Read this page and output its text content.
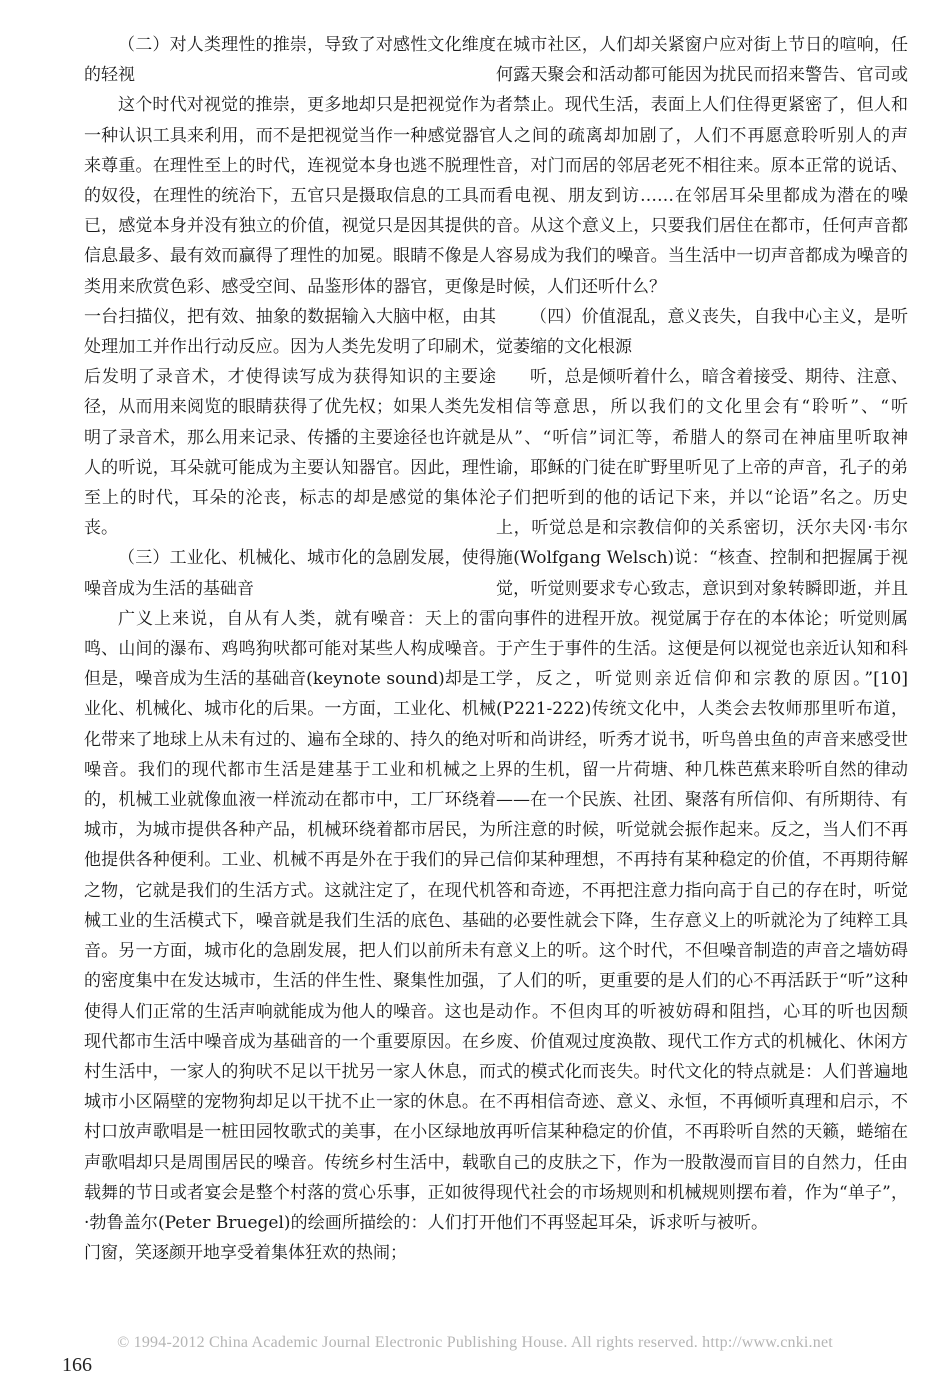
（二）对人类理性的推崇，导致了对感性文化维度的轻视

这个时代对视觉的推崇，更多地却只是把视觉作为一种认识工具来利用，而不是把视觉当作一种感觉器官来尊重。在理性至上的时代，连视觉本身也逃不脱理性的奴役，在理性的统治下，五官只是摄取信息的工具而已，感觉本身并没有独立的价值，视觉只是因其提供的信息最多、最有效而赢得了理性的加冕。眼睛不像是人类用来欣赏色彩、感受空间、品鉴形体的器官，更像是一台扫描仪，把有效、抽象的数据输入大脑中枢，由其处理加工并作出行动反应。因为人类先发明了印刷术，后发明了录音术，才使得读写成为获得知识的主要途径，从而用来阅览的眼睛获得了优先权；如果人类先发明了录音术，那么用来记录、传播的主要途径也许就是人的听说，耳朵就可能成为主要认知器官。因此，理性至上的时代，耳朵的沦丧，标志的却是感觉的集体沦丧。

（三）工业化、机械化、城市化的急剧发展，使得噪音成为生活的基础音

广义上来说，自从有人类，就有噪音：天上的雷鸣、山间的瀑布、鸡鸣狗吠都可能对某些人构成噪音。但是，噪音成为生活的基础音(keynote sound)却是工业化、机械化、城市化的后果。一方面，工业化、机械化带来了地球上从未有过的、遍布全球的、持久的绝对噪音。我们的现代都市生活是建基于工业和机械之上的，机械工业就像血液一样流动在都市中，工厂环绕着城市，为城市提供各种产品，机械环绕着都市居民，为他提供各种便利。工业、机械不再是外在于我们的异己之物，它就是我们的生活方式。这就注定了，在现代机械工业的生活模式下，噪音就是我们生活的底色、基础音。另一方面，城市化的急剧发展，把人们以前所未有的密度集中在发达城市，生活的伴生性、聚集性加强，使得人们正常的生活声响就能成为他人的噪音。这也是现代都市生活中噪音成为基础音的一个重要原因。在乡村生活中，一家人的狗吠不足以干扰另一家人休息，而城市小区隔壁的宠物狗却足以干扰不止一家的休息。在村口放声歌唱是一桩田园牧歌式的美事，在小区绿地放声歌唱却只是周围居民的噪音。传统乡村生活中，载歌载舞的节日或者宴会是整个村落的赏心乐事，正如彼得·勃鲁盖尔(Peter Bruegel)的绘画所描绘的：人们打开门窗，笑逐颜开地享受着集体狂欢的热闹；

在城市社区，人们却关紧窗户应对街上节日的喧响，任何露天聚会和活动都可能因为扰民而招来警告、官司或者禁止。现代生活，表面上人们住得更紧密了，但人和人之间的疏离却加剧了，人们不再愿意聆听别人的声音，对门而居的邻居老死不相往来。原本正常的说话、看电视、朋友到访……在邻居耳朵里都成为潜在的噪音。从这个意义上，只要我们居住在都市，任何声音都容易成为我们的噪音。当生活中一切声音都成为噪音的时候，人们还听什么？

（四）价值混乱，意义丧失，自我中心主义，是听觉萎缩的文化根源

听，总是倾听着什么，暗含着接受、期待、注意、相信等意思，所以我们的文化里会有“聆听”、“听从”、“听信”词汇等，希腊人的祭司在神庙里听取神谕，耶稣的门徒在旷野里听见了上帝的声音，孔子的弟子们把听到的他的话记下来，并以“论语”名之。历史上，听觉总是和宗教信仰的关系密切，沃尔夫冈·韦尔施(Wolfgang Welsch)说：“核查、控制和把握属于视觉，听觉则要求专心致志，意识到对象转瞬即逝，并且向事件的进程开放。视觉属于存在的本体论；听觉则属于产生于事件的生活。这便是何以视觉也亲近认知和科学，反之，听觉则亲近信仰和宗教的原因。”[10](P221-222)传统文化中，人类会去牧师那里听布道，听和尚讲经，听秀才说书，听鸟兽虫鱼的声音来感受世界的生机，留一片荷塘、种几株芭蕉来聆听自然的律动——在一个民族、社团、聚落有所信仰、有所期待、有所注意的时候，听觉就会振作起来。反之，当人们不再信仰某种理想，不再持有某种稳定的价值，不再期待解答和奇迹，不再把注意力指向高于自己的存在时，听觉的必要性就会下降，生存意义上的听就沦为了纯粹工具意义上的听。这个时代，不但噪音制造的声音之墙妨碍了人们的听，更重要的是人们的心不再活跃于“听”这种动作。不但肉耳的听被妨碍和阻挡，心耳的听也因颓废、价值观过度涣散、现代工作方式的机械化、休闲方式的模式化而丧失。时代文化的特点就是：人们普遍地不再相信奇迹、意义、永恒，不再倾听真理和启示，不再听信某种稳定的价值，不再聆听自然的天籁，蜷缩在自己的皮肤之下，作为一股散漫而盲目的自然力，任由现代社会的市场规则和机械规则摆布着，作为“单子”，他们不再竖起耳朵，诉求听与被听。

© 1994-2012 China Academic Journal Electronic Publishing House. All rights reserved. http://www.cnki.net
166
